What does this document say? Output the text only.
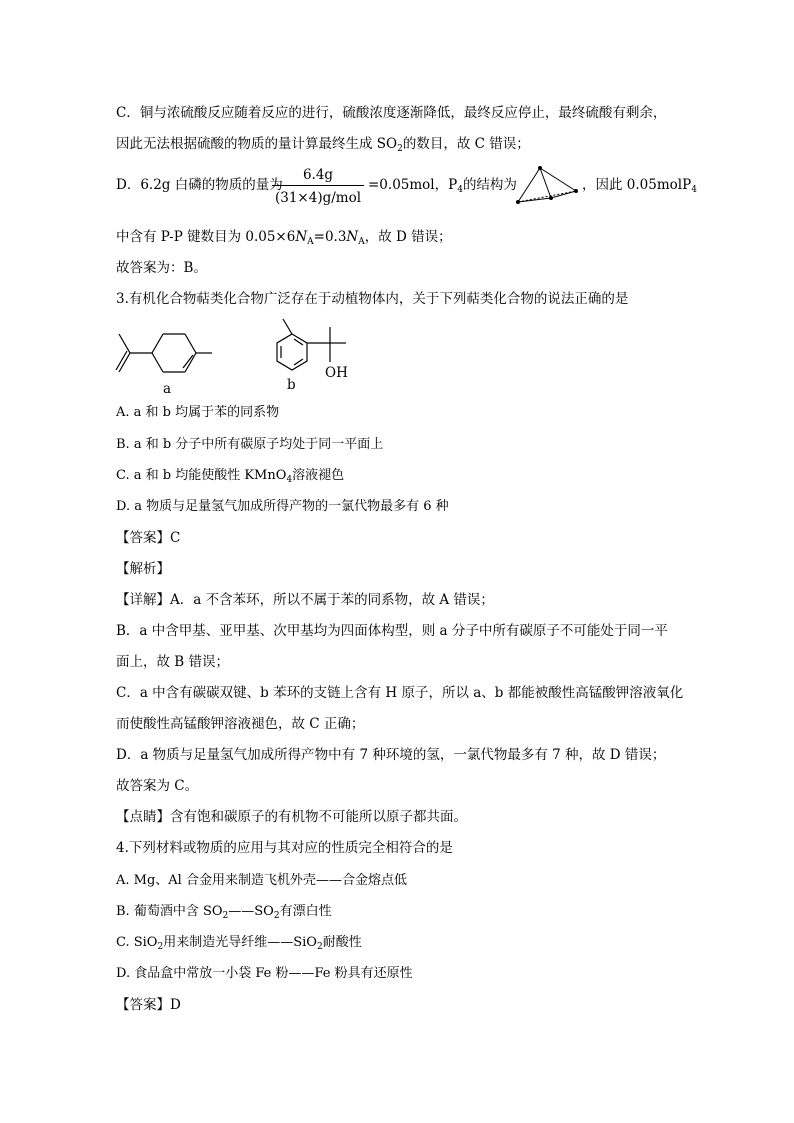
C．铜与浓硫酸反应随着反应的进行，硫酸浓度逐渐降低，最终反应停止，最终硫酸有剩余，
因此无法根据硫酸的物质的量计算最终生成 $SO_2$的数目，故 C 错误；
D．6.2g 白磷的物质的量为
6.4g
(31×4)g/mol
=0.05mol，$P_4$的结构为	，因此 0.05molP$_4$
中含有 P-P 键数目为 $0.05\times 6N_A=0.3N_A$，故 D 错误；
故答案为：B。
3.有机化合物萜类化合物广泛存在于动植物体内，关于下列萜类化合物的说法正确的是
a
OH
b
A. a 和 b 均属于苯的同系物
B. a 和 b 分子中所有碳原子均处于同一平面上
C. a 和 b 均能使酸性 KMnO$_4$溶液褪色
D. a 物质与足量氢气加成所得产物的一氯代物最多有 6 种
【答案】C
【解析】
【详解】A．a 不含苯环，所以不属于苯的同系物，故 A 错误；
B．a 中含甲基、亚甲基、次甲基均为四面体构型，则 a 分子中所有碳原子不可能处于同一平
面上，故 B 错误；
C．a 中含有碳碳双键、b 苯环的支链上含有 H 原子，所以 a、b 都能被酸性高锰酸钾溶液氧化
而使酸性高锰酸钾溶液褪色，故 C 正确；
D．a 物质与足量氢气加成所得产物中有 7 种环境的氢，一氯代物最多有 7 种，故 D 错误；
故答案为 C。
【点睛】含有饱和碳原子的有机物不可能所以原子都共面。
4.下列材料或物质的应用与其对应的性质完全相符合的是
A. Mg、Al 合金用来制造飞机外壳——合金熔点低
B. 葡萄酒中含 $SO_2——SO_2$有漂白性
C. SiO$_2$用来制造光导纤维——SiO$_2$耐酸性
D. 食品盒中常放一小袋 Fe 粉——Fe 粉具有还原性
【答案】D
